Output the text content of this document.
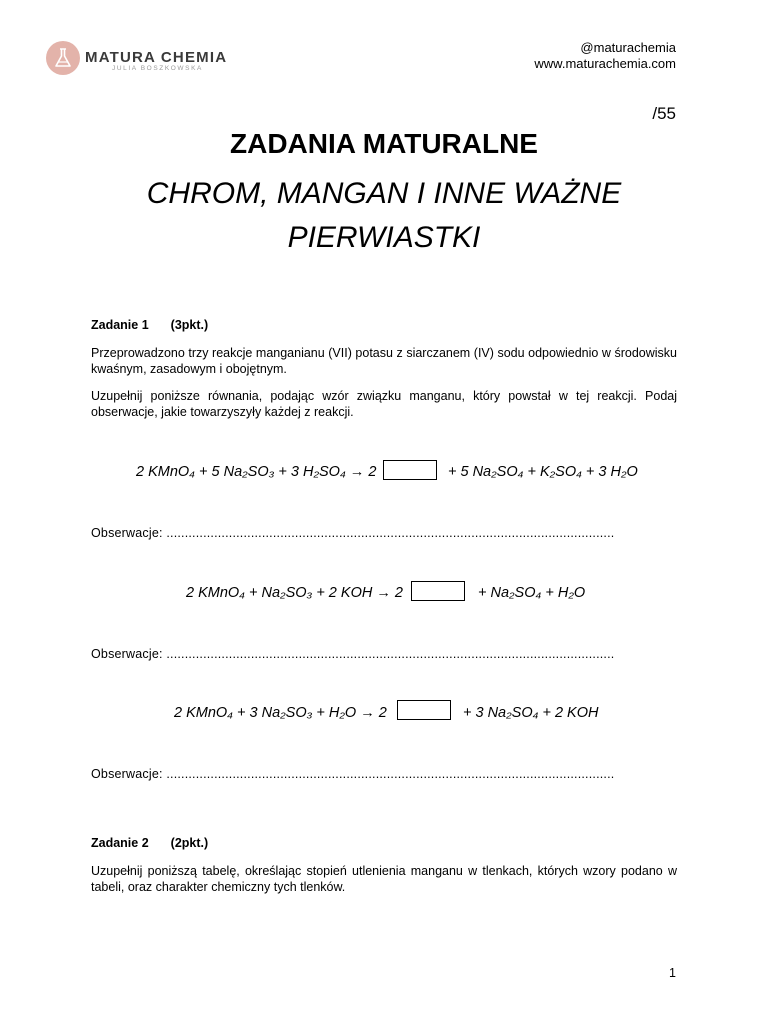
MATURA CHEMIA
JULIA BOSZKOWSKA
@maturachemia
www.maturachemia.com
/55
ZADANIA MATURALNE
CHROM, MANGAN I INNE WAŻNE
PIERWIASTKI
Zadanie 1 (3pkt.)
Przeprowadzono trzy reakcje manganianu (VII) potasu z siarczanem (IV) sodu odpowiednio w środowisku kwaśnym, zasadowym i obojętnym.
Uzupełnij poniższe równania, podając wzór związku manganu, który powstał w tej reakcji. Podaj obserwacje, jakie towarzyszyły każdej z reakcji.
2 KMnO₄ + 5 Na₂SO₃ + 3 H₂SO₄ → 2	+ 5 Na₂SO₄ + K₂SO₄ + 3 H₂O
Obserwacje: ..........................................................................................................................
2 KMnO₄ + Na₂SO₃ + 2 KOH → 2	+ Na₂SO₄ + H₂O
Obserwacje: ..........................................................................................................................
2 KMnO₄ + 3 Na₂SO₃ + H₂O → 2	+ 3 Na₂SO₄ + 2 KOH
Obserwacje: ..........................................................................................................................
Zadanie 2 (2pkt.)
Uzupełnij poniższą tabelę, określając stopień utlenienia manganu w tlenkach, których wzory podano w tabeli, oraz charakter chemiczny tych tlenków.
1
